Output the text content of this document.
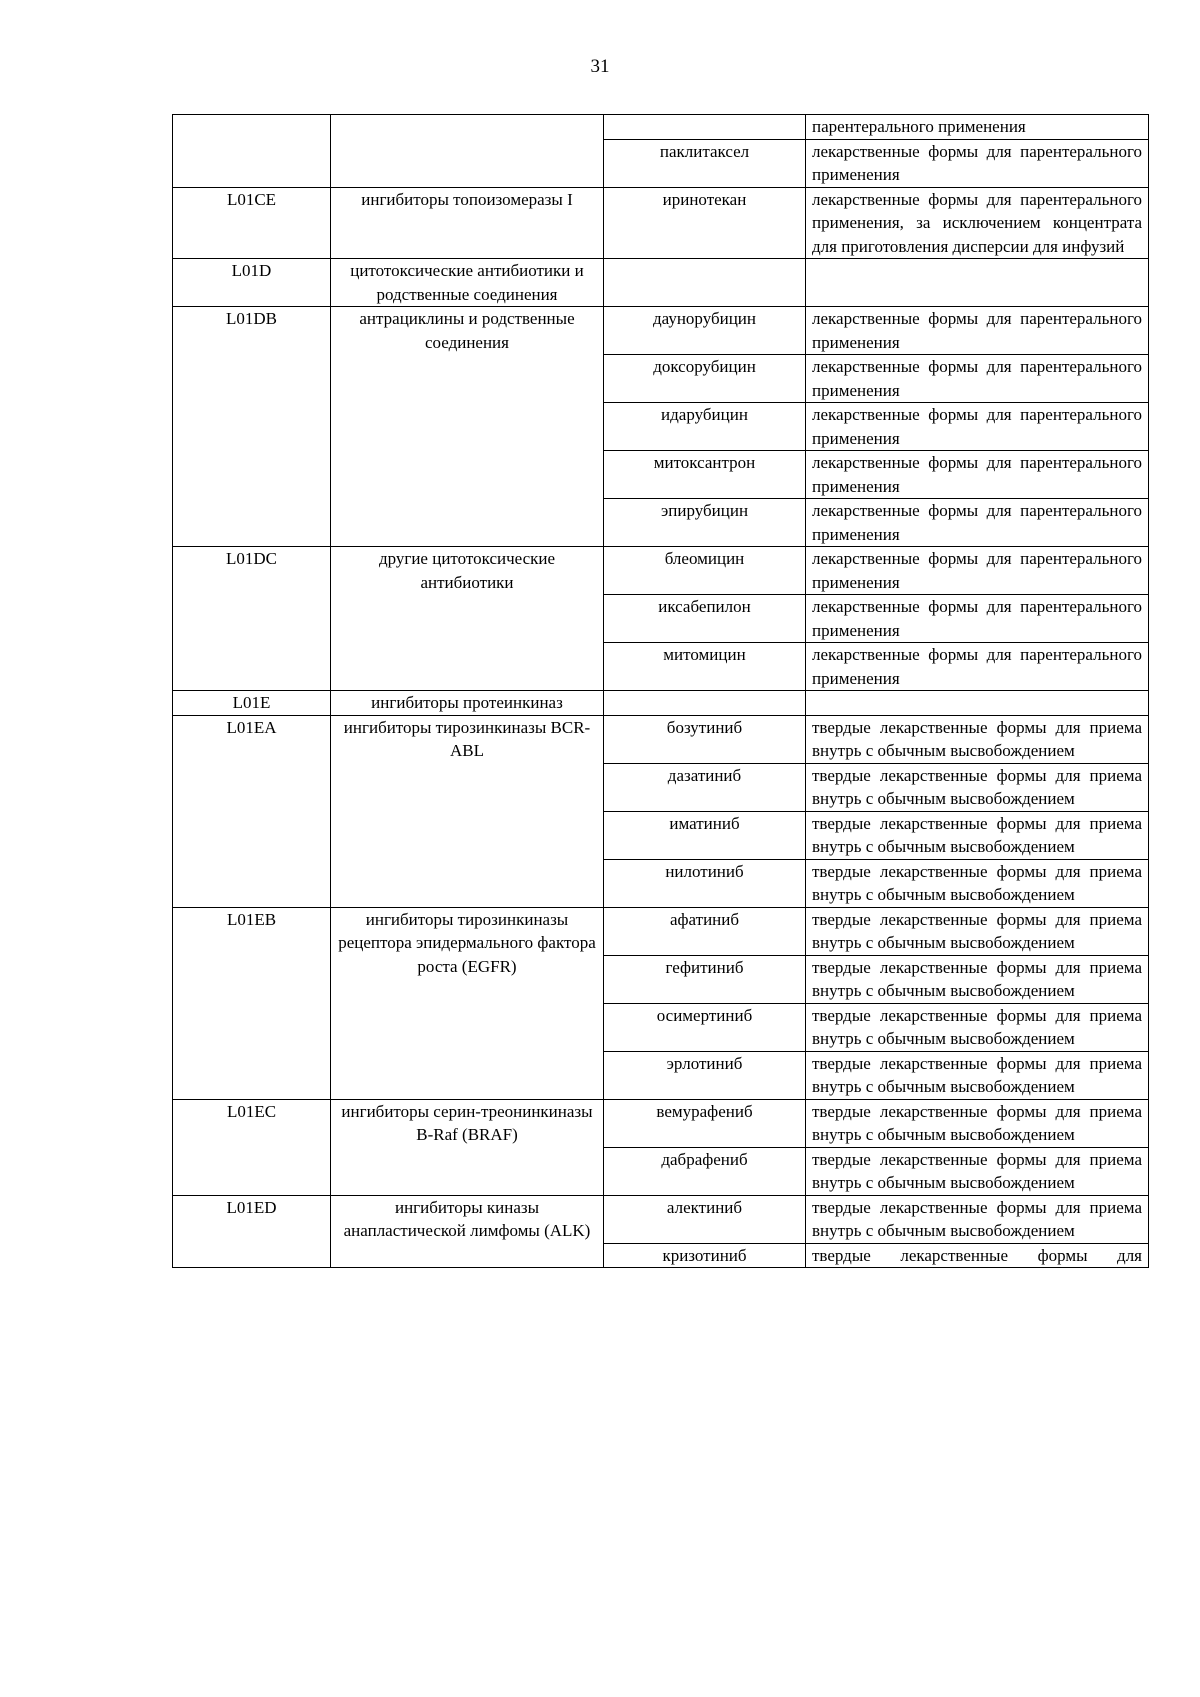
31
			парентерального применения
		паклитаксел	лекарственные формы для парентерального применения
L01CE	ингибиторы топоизомеразы I	иринотекан	лекарственные формы для парентерального применения, за исключением концентрата для приготовления дисперсии для инфузий
L01D	цитотоксические антибиотики и родственные соединения		
L01DB	антрациклины и родственные соединения	даунорубицин	лекарственные формы для парентерального применения
		доксорубицин	лекарственные формы для парентерального применения
		идарубицин	лекарственные формы для парентерального применения
		митоксантрон	лекарственные формы для парентерального применения
		эпирубицин	лекарственные формы для парентерального применения
L01DC	другие цитотоксические антибиотики	блеомицин	лекарственные формы для парентерального применения
		иксабепилон	лекарственные формы для парентерального применения
		митомицин	лекарственные формы для парентерального применения
L01E	ингибиторы протеинкиназ		
L01EA	ингибиторы тирозинкиназы BCR-ABL	бозутиниб	твердые лекарственные формы для приема внутрь с обычным высвобождением
		дазатиниб	твердые лекарственные формы для приема внутрь с обычным высвобождением
		иматиниб	твердые лекарственные формы для приема внутрь с обычным высвобождением
		нилотиниб	твердые лекарственные формы для приема внутрь с обычным высвобождением
L01EB	ингибиторы тирозинкиназы рецептора эпидермального фактора роста (EGFR)	афатиниб	твердые лекарственные формы для приема внутрь с обычным высвобождением
		гефитиниб	твердые лекарственные формы для приема внутрь с обычным высвобождением
		осимертиниб	твердые лекарственные формы для приема внутрь с обычным высвобождением
		эрлотиниб	твердые лекарственные формы для приема внутрь с обычным высвобождением
L01EC	ингибиторы серин-треонинкиназы B-Raf (BRAF)	вемурафениб	твердые лекарственные формы для приема внутрь с обычным высвобождением
		дабрафениб	твердые лекарственные формы для приема внутрь с обычным высвобождением
L01ED	ингибиторы киназы анапластической лимфомы (ALK)	алектиниб	твердые лекарственные формы для приема внутрь с обычным высвобождением
		кризотиниб	твердые лекарственные формы для
